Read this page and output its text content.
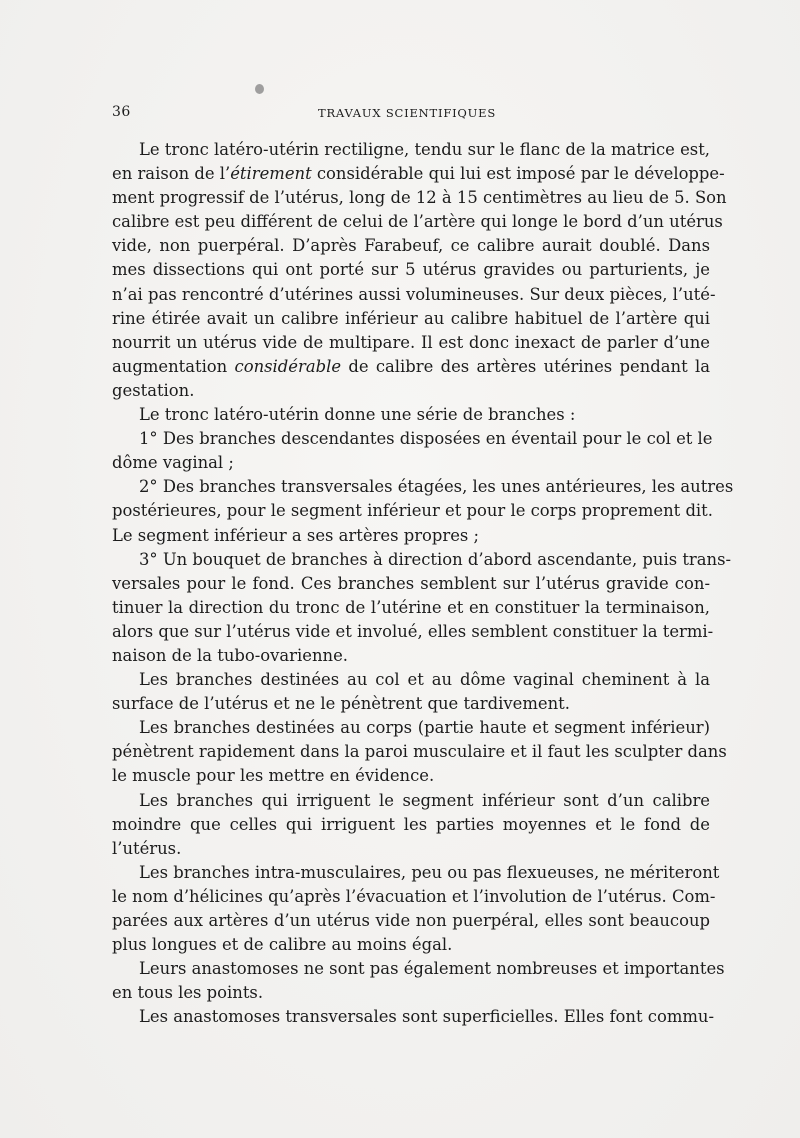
36	TRAVAUX SCIENTIFIQUES
Le tronc latéro-utérin rectiligne, tendu sur le flanc de la matrice est,
en raison de l’étirement considérable qui lui est imposé par le développe-
ment progressif de l’utérus, long de 12 à 15 centimètres au lieu de 5. Son
calibre est peu différent de celui de l’artère qui longe le bord d’un utérus
vide, non puerpéral. D’après Farabeuf, ce calibre aurait doublé. Dans
mes dissections qui ont porté sur 5 utérus gravides ou parturients, je
n’ai pas rencontré d’utérines aussi volumineuses. Sur deux pièces, l’uté-
rine étirée avait un calibre inférieur au calibre habituel de l’artère qui
nourrit un utérus vide de multipare. Il est donc inexact de parler d’une
augmentation considérable de calibre des artères utérines pendant la
gestation.
Le tronc latéro-utérin donne une série de branches :
1° Des branches descendantes disposées en éventail pour le col et le
dôme vaginal ;
2° Des branches transversales étagées, les unes antérieures, les autres
postérieures, pour le segment inférieur et pour le corps proprement dit.
Le segment inférieur a ses artères propres ;
3° Un bouquet de branches à direction d’abord ascendante, puis trans-
versales pour le fond. Ces branches semblent sur l’utérus gravide con-
tinuer la direction du tronc de l’utérine et en constituer la terminaison,
alors que sur l’utérus vide et involué, elles semblent constituer la termi-
naison de la tubo-ovarienne.
Les branches destinées au col et au dôme vaginal cheminent à la
surface de l’utérus et ne le pénètrent que tardivement.
Les branches destinées au corps (partie haute et segment inférieur)
pénètrent rapidement dans la paroi musculaire et il faut les sculpter dans
le muscle pour les mettre en évidence.
Les branches qui irriguent le segment inférieur sont d’un calibre
moindre que celles qui irriguent les parties moyennes et le fond de
l’utérus.
Les branches intra-musculaires, peu ou pas flexueuses, ne mériteront
le nom d’hélicines qu’après l’évacuation et l’involution de l’utérus. Com-
parées aux artères d’un utérus vide non puerpéral, elles sont beaucoup
plus longues et de calibre au moins égal.
Leurs anastomoses ne sont pas également nombreuses et importantes
en tous les points.
Les anastomoses transversales sont superficielles. Elles font commu-
